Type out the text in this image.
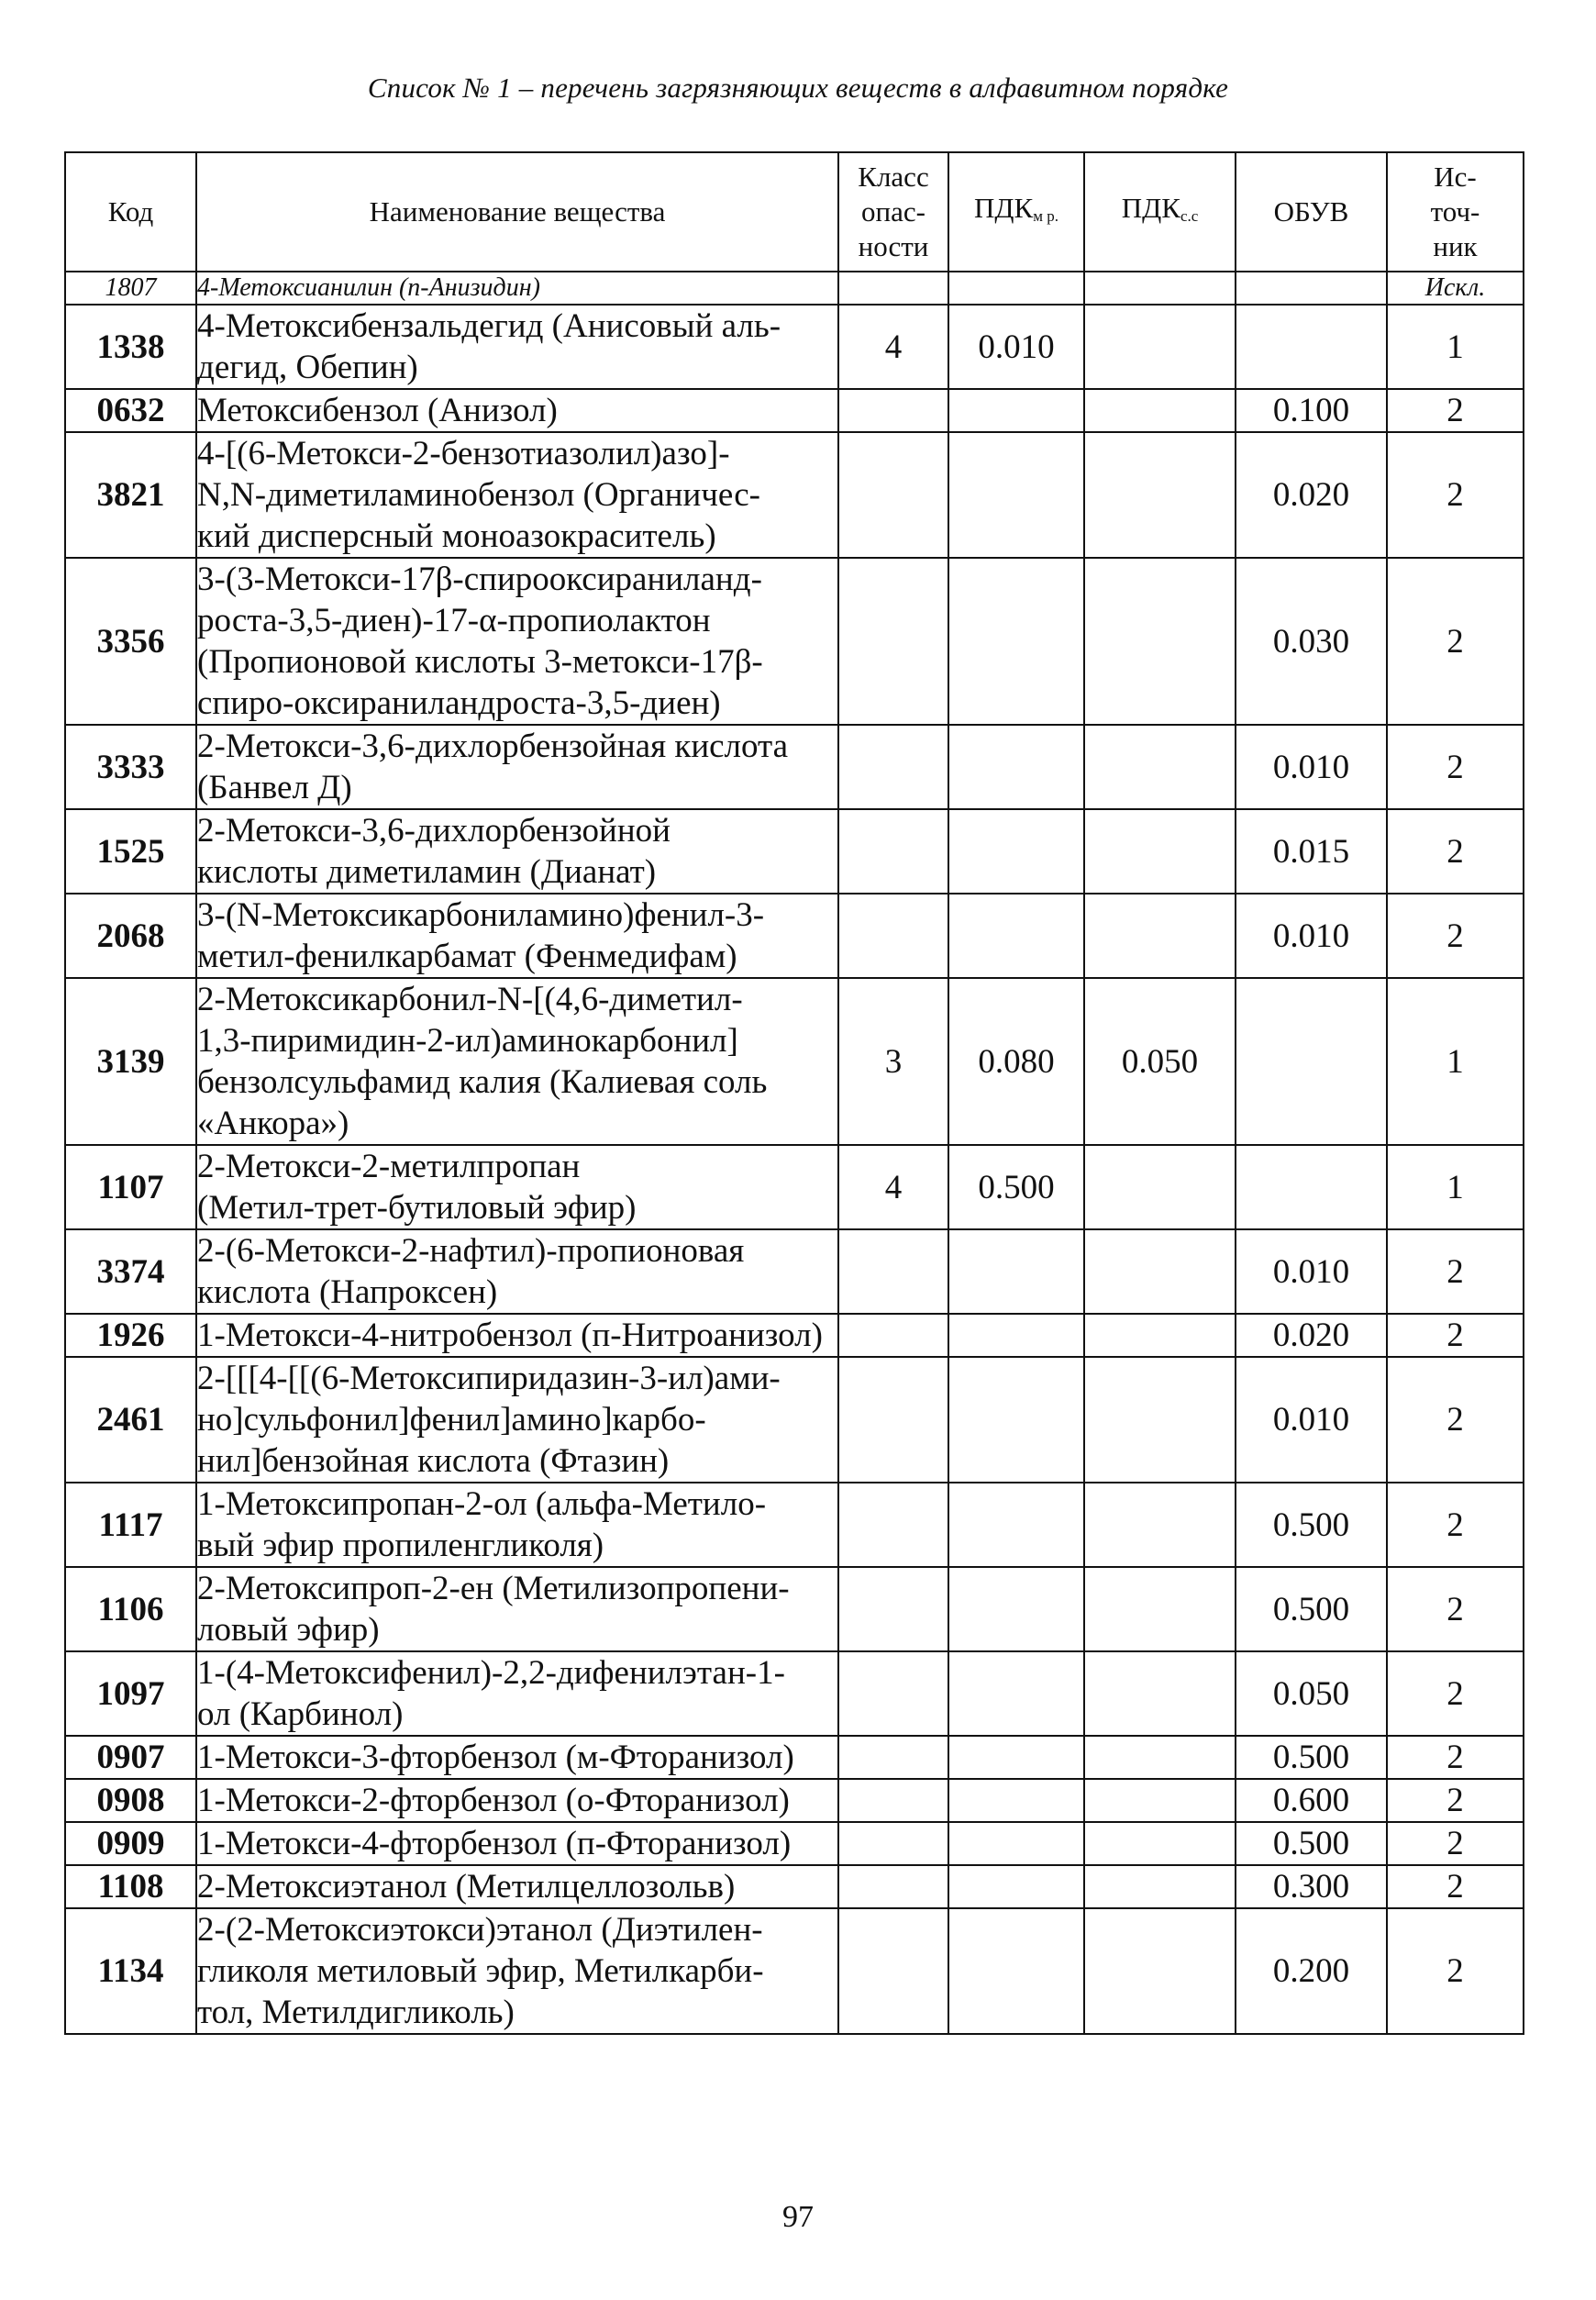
Список № 1 – перечень загрязняющих веществ в алфавитном порядке
Код	Наименование вещества	Класс
опас-
ности	$ПДК_{м р.}$	$ПДК_{с.с}$	ОБУВ	Ис-
точ-
ник

1807	4-Метоксианилин (п-Анизидин)					Искл.
1338	4-Метоксибензальдегид (Анисовый аль-
дегид, Обепин)	4	0.010			1
0632	Метоксибензол (Анизол)				0.100	2
3821	4-[(6-Метокси-2-бензотиазолил)азо]-
N,N-диметиламинобензол (Органичес-
кий дисперсный моноазокраситель)				0.020	2
3356	3-(3-Метокси-17β-спирооксираниланд-
роста-3,5-диен)-17-α-пропиолактон
(Пропионовой кислоты 3-метокси-17β-
спиро-оксиранилaндроста-3,5-диен)				0.030	2
3333	2-Метокси-3,6-дихлорбензойная кислота
(Банвел Д)				0.010	2
1525	2-Метокси-3,6-дихлорбензойной
кислоты диметиламин (Дианат)				0.015	2
2068	3-(N-Метоксикарбониламино)фенил-3-
метил-фенилкарбамат (Фенмедифам)				0.010	2
3139	2-Метоксикарбонил-N-[(4,6-диметил-
1,3-пиримидин-2-ил)аминокарбонил]
бензолсульфамид калия (Калиевая соль
«Анкора»)	3	0.080	0.050		1
1107	2-Метокси-2-метилпропан
(Метил-трет-бутиловый эфир)	4	0.500			1
3374	2-(6-Метокси-2-нафтил)-пропионовая
кислота (Напроксен)				0.010	2
1926	1-Метокси-4-нитробензол (п-Нитроанизол)				0.020	2
2461	2-[[[4-[[(6-Метоксипиридазин-3-ил)ами-
но]сульфонил]фенил]амино]карбо-
нил]бензойная кислота (Фтазин)				0.010	2
1117	1-Метоксипропан-2-ол (альфа-Метило-
вый эфир пропиленгликоля)				0.500	2
1106	2-Метоксипроп-2-ен (Метилизопропени-
ловый эфир)				0.500	2
1097	1-(4-Метоксифенил)-2,2-дифенилэтан-1-
ол (Карбинол)				0.050	2
0907	1-Метокси-3-фторбензол (м-Фторанизол)				0.500	2
0908	1-Метокси-2-фторбензол (о-Фторанизол)				0.600	2
0909	1-Метокси-4-фторбензол (п-Фторанизол)				0.500	2
1108	2-Метоксиэтанол (Метилцеллозольв)				0.300	2
1134	2-(2-Метоксиэтокси)этанол (Диэтилен-
гликоля метиловый эфир, Метилкарби-
тол, Метилдигликоль)				0.200	2
97
